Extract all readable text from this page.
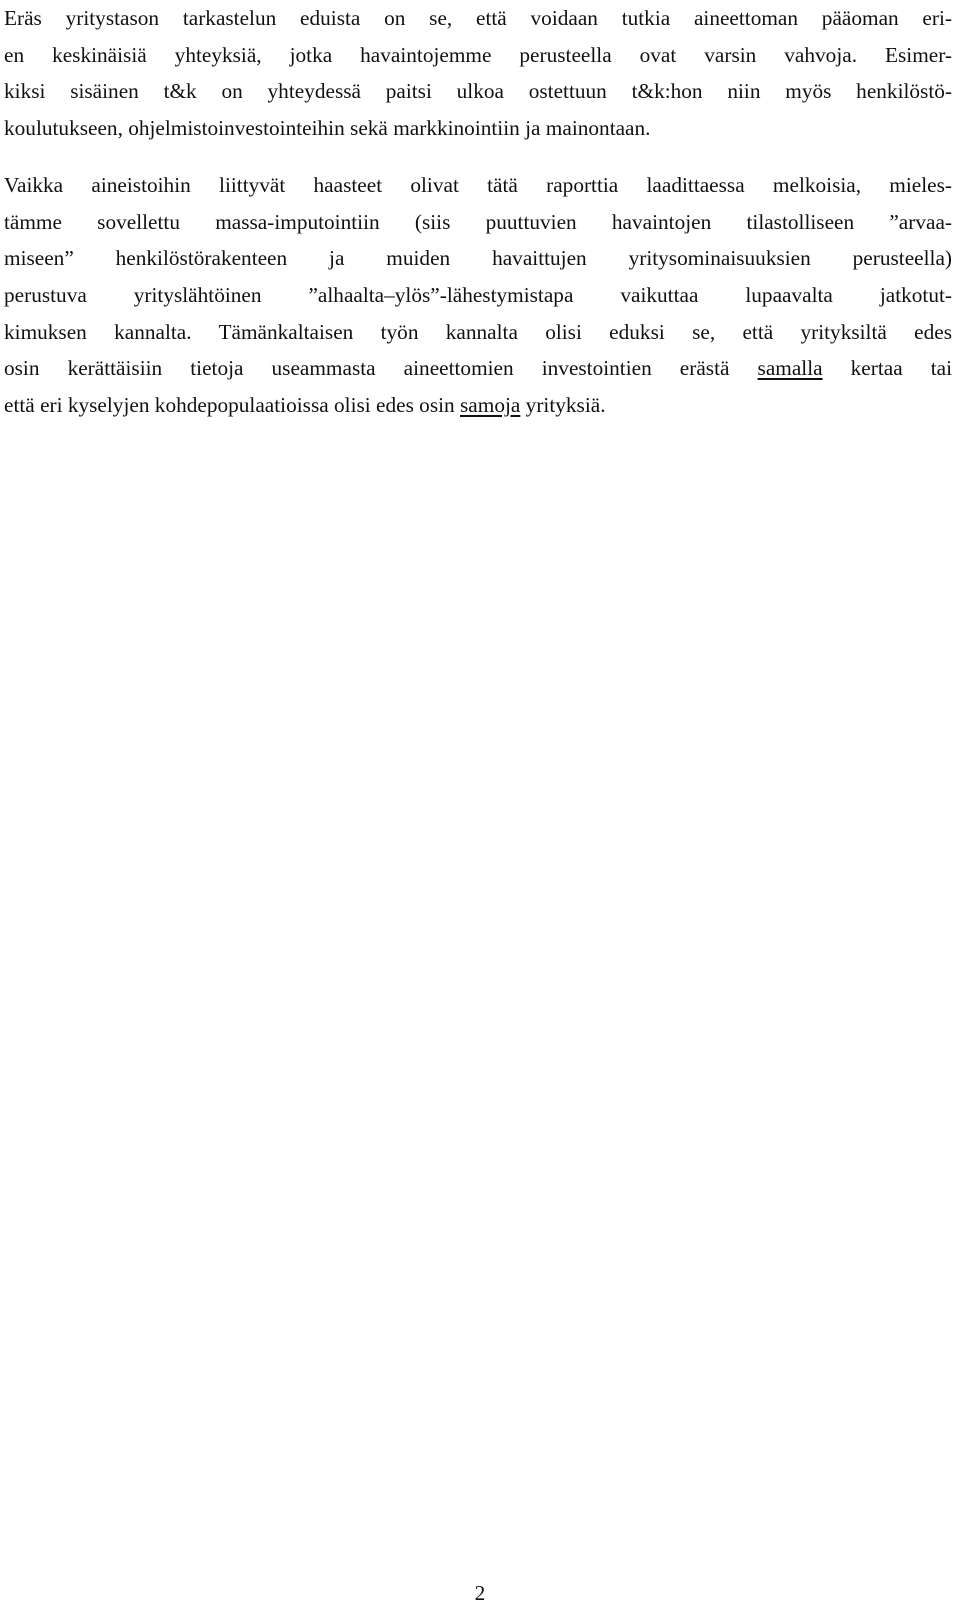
Eräs yritystason tarkastelun eduista on se, että voidaan tutkia aineettoman pääoman eri-
en keskinäisiä yhteyksiä, jotka havaintojemme perusteella ovat varsin vahvoja. Esimer-
kiksi sisäinen t&k on yhteydessä paitsi ulkoa ostettuun t&k:hon niin myös henkilöstö-
koulutukseen, ohjelmistoinvestointeihin sekä markkinointiin ja mainontaan.

Vaikka aineistoihin liittyvät haasteet olivat tätä raporttia laadittaessa melkoisia, mieles-
tämme sovellettu massa-imputointiin (siis puuttuvien havaintojen tilastolliseen ”arvaa-
miseen” henkilöstörakenteen ja muiden havaittujen yritysominaisuuksien perusteella)
perustuva yrityslähtöinen ”alhaalta–ylös”-lähestymistapa vaikuttaa lupaavalta jatkotut-
kimuksen kannalta. Tämänkaltaisen työn kannalta olisi eduksi se, että yrityksiltä edes
osin kerättäisiin tietoja useammasta aineettomien investointien erästä samalla kertaa tai
että eri kyselyjen kohdepopulaatioissa olisi edes osin samoja yrityksiä.

2
